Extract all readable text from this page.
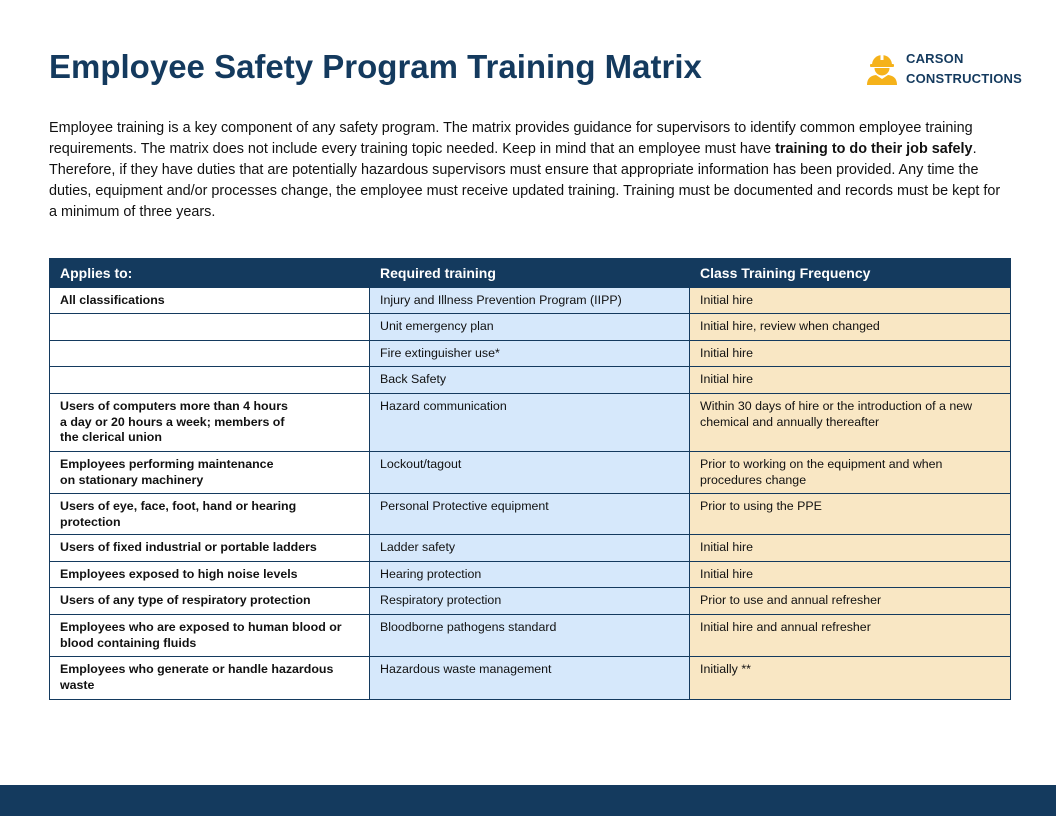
Employee Safety Program Training Matrix	CARSON
CONSTRUCTIONS

Employee training is a key component of any safety program. The matrix provides guidance for supervisors to identify common employee training requirements. The matrix does not include every training topic needed. Keep in mind that an employee must have training to do their job safely. Therefore, if they have duties that are potentially hazardous supervisors must ensure that appropriate information has been provided. Any time the duties, equipment and/or processes change, the employee must receive updated training. Training must be documented and records must be kept for a minimum of three years.

Applies to:	Required training	Class Training Frequency
All classifications	Injury and Illness Prevention Program (IIPP)	Initial hire
	Unit emergency plan	Initial hire, review when changed
	Fire extinguisher use*	Initial hire
	Back Safety	Initial hire
Users of computers more than 4 hours
a day or 20 hours a week; members of
the clerical union	Hazard communication	Within 30 days of hire or the introduction of a new
chemical and annually thereafter
Employees performing maintenance
on stationary machinery	Lockout/tagout	Prior to working on the equipment and when
procedures change
Users of eye, face, foot, hand or hearing protection	Personal Protective equipment	Prior to using the PPE
Users of fixed industrial or portable ladders	Ladder safety	Initial hire
Employees exposed to high noise levels	Hearing protection	Initial hire
Users of any type of respiratory protection	Respiratory protection	Prior to use and annual refresher
Employees who are exposed to human blood or
blood containing fluids	Bloodborne pathogens standard	Initial hire and annual refresher
Employees who generate or handle hazardous
waste	Hazardous waste management	Initially **
